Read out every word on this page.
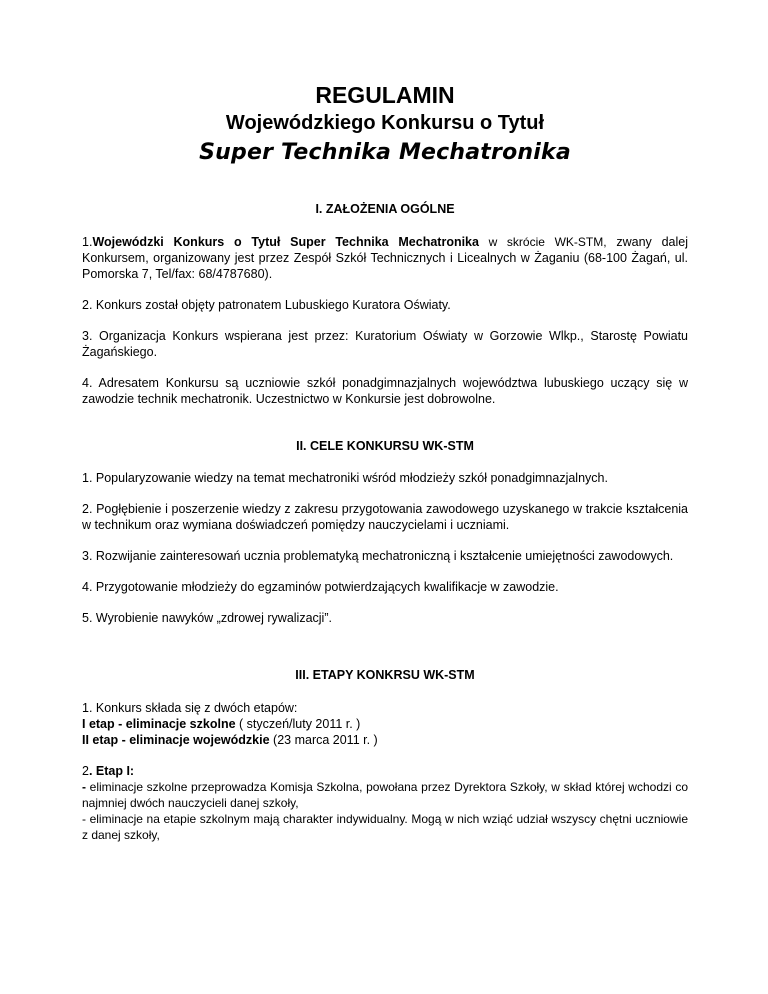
REGULAMIN
Wojewódzkiego Konkursu o Tytuł
Super Technika Mechatronika
I. ZAŁOŻENIA OGÓLNE

1.Wojewódzki Konkurs o Tytuł Super Technika Mechatronika w skrócie WK-STM, zwany dalej Konkursem, organizowany jest przez Zespół Szkół Technicznych i Licealnych w Żaganiu (68-100 Żagań, ul. Pomorska 7, Tel/fax: 68/4787680).

2. Konkurs został objęty patronatem Lubuskiego Kuratora Oświaty.

3. Organizacja Konkurs wspierana jest przez: Kuratorium Oświaty w Gorzowie Wlkp., Starostę Powiatu Żagańskiego.

4. Adresatem Konkursu są uczniowie szkół ponadgimnazjalnych województwa lubuskiego uczący się w zawodzie technik mechatronik. Uczestnictwo w Konkursie jest dobrowolne.

II. CELE KONKURSU WK-STM

1. Popularyzowanie wiedzy na temat mechatroniki wśród młodzieży szkół ponadgimnazjalnych.

2. Pogłębienie i poszerzenie wiedzy z zakresu przygotowania zawodowego uzyskanego w trakcie kształcenia w technikum oraz wymiana doświadczeń pomiędzy nauczycielami i uczniami.

3. Rozwijanie zainteresowań ucznia problematyką mechatroniczną i kształcenie umiejętności zawodowych.

4. Przygotowanie młodzieży do egzaminów potwierdzających kwalifikacje w zawodzie.

5. Wyrobienie nawyków „zdrowej rywalizacji”.

III. ETAPY KONKRSU WK-STM

1. Konkurs składa się z dwóch etapów:
I etap - eliminacje szkolne ( styczeń/luty 2011 r. )
II etap - eliminacje wojewódzkie (23 marca 2011 r. )

2. Etap I:
- eliminacje szkolne przeprowadza Komisja Szkolna, powołana przez Dyrektora Szkoły, w skład której wchodzi co najmniej dwóch nauczycieli danej szkoły,
- eliminacje na etapie szkolnym mają charakter indywidualny. Mogą w nich wziąć udział wszyscy chętni uczniowie z danej szkoły,
